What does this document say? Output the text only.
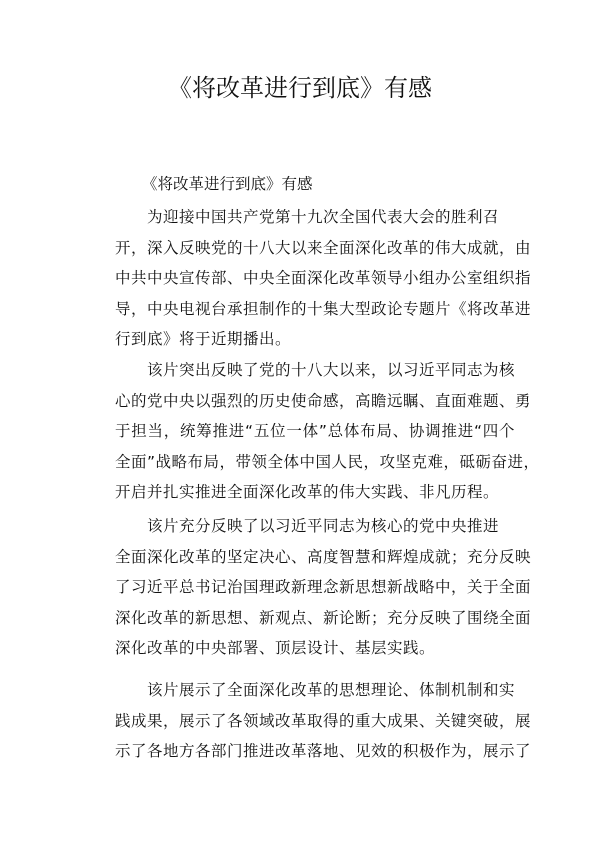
《将改革进行到底》有感
《将改革进行到底》有感
为迎接中国共产党第十九次全国代表大会的胜利召
开，深入反映党的十八大以来全面深化改革的伟大成就，由
中共中央宣传部、中央全面深化改革领导小组办公室组织指
导，中央电视台承担制作的十集大型政论专题片《将改革进
行到底》将于近期播出。
该片突出反映了党的十八大以来，以习近平同志为核
心的党中央以强烈的历史使命感，高瞻远瞩、直面难题、勇
于担当，统筹推进“五位一体”总体布局、协调推进“四个
全面”战略布局，带领全体中国人民，攻坚克难，砥砺奋进，
开启并扎实推进全面深化改革的伟大实践、非凡历程。
该片充分反映了以习近平同志为核心的党中央推进
全面深化改革的坚定决心、高度智慧和辉煌成就；充分反映
了习近平总书记治国理政新理念新思想新战略中，关于全面
深化改革的新思想、新观点、新论断；充分反映了围绕全面
深化改革的中央部署、顶层设计、基层实践。
该片展示了全面深化改革的思想理论、体制机制和实
践成果，展示了各领域改革取得的重大成果、关键突破，展
示了各地方各部门推进改革落地、见效的积极作为，展示了
